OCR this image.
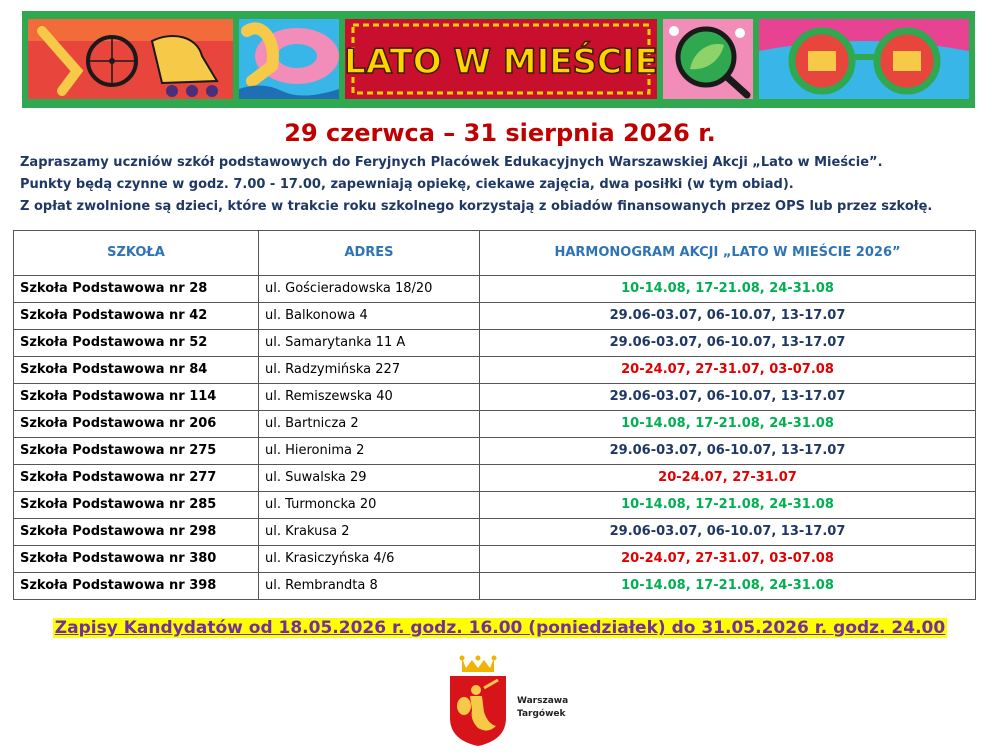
LATO W MIEŚCIE
29 czerwca – 31 sierpnia 2026 r.
Zapraszamy uczniów szkół podstawowych do Feryjnych Placówek Edukacyjnych Warszawskiej Akcji „Lato w Mieście”.
Punkty będą czynne w godz. 7.00 - 17.00, zapewniają opiekę, ciekawe zajęcia, dwa posiłki (w tym obiad).
Z opłat zwolnione są dzieci, które w trakcie roku szkolnego korzystają z obiadów finansowanych przez OPS lub przez szkołę.
SZKOŁA	ADRES	HARMONOGRAM AKCJI „LATO W MIEŚCIE 2026”
Szkoła Podstawowa nr 28	ul. Gościeradowska 18/20	10-14.08, 17-21.08, 24-31.08
Szkoła Podstawowa nr 42	ul. Balkonowa 4	29.06-03.07, 06-10.07, 13-17.07
Szkoła Podstawowa nr 52	ul. Samarytanka 11 A	29.06-03.07, 06-10.07, 13-17.07
Szkoła Podstawowa nr 84	ul. Radzymińska 227	20-24.07, 27-31.07, 03-07.08
Szkoła Podstawowa nr 114	ul. Remiszewska 40	29.06-03.07, 06-10.07, 13-17.07
Szkoła Podstawowa nr 206	ul. Bartnicza 2	10-14.08, 17-21.08, 24-31.08
Szkoła Podstawowa nr 275	ul. Hieronima 2	29.06-03.07, 06-10.07, 13-17.07
Szkoła Podstawowa nr 277	ul. Suwalska 29	20-24.07, 27-31.07
Szkoła Podstawowa nr 285	ul. Turmoncka 20	10-14.08, 17-21.08, 24-31.08
Szkoła Podstawowa nr 298	ul. Krakusa 2	29.06-03.07, 06-10.07, 13-17.07
Szkoła Podstawowa nr 380	ul. Krasiczyńska 4/6	20-24.07, 27-31.07, 03-07.08
Szkoła Podstawowa nr 398	ul. Rembrandta 8	10-14.08, 17-21.08, 24-31.08
Zapisy Kandydatów od 18.05.2026 r. godz. 16.00 (poniedziałek) do 31.05.2026 r. godz. 24.00
Warszawa
Targówek
